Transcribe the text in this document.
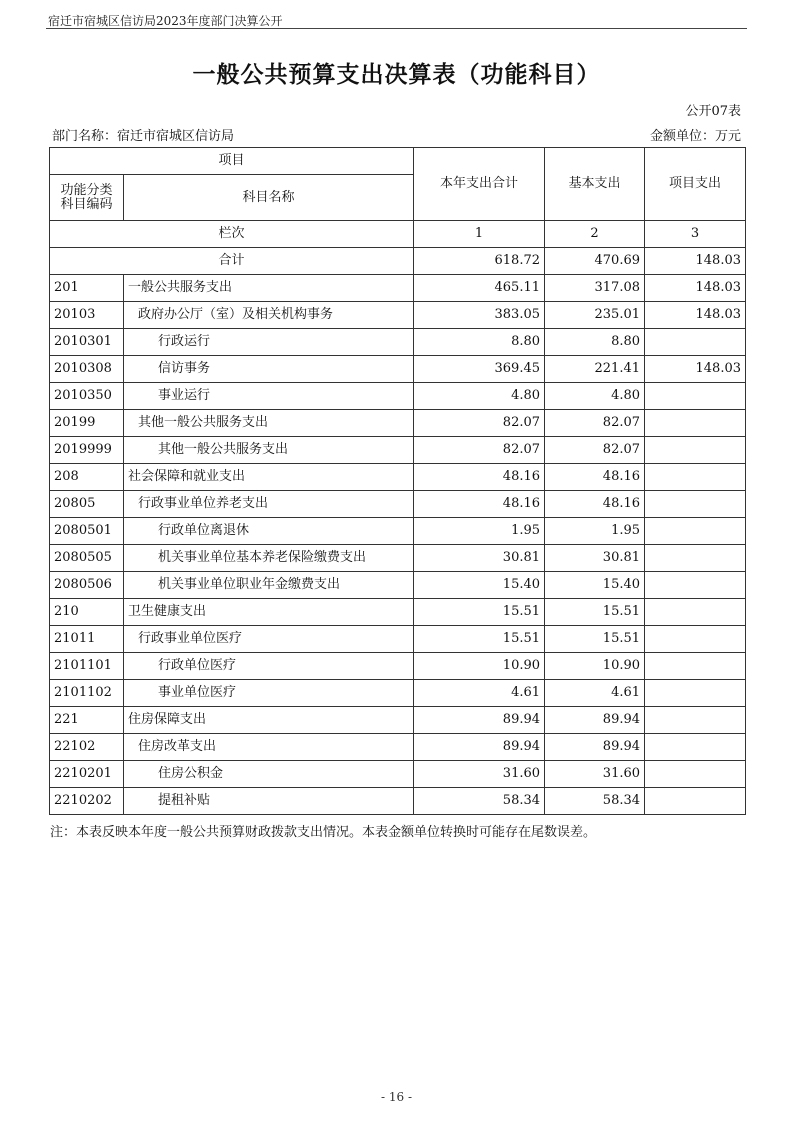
宿迁市宿城区信访局2023年度部门决算公开
一般公共预算支出决算表（功能科目）
公开07表
部门名称：宿迁市宿城区信访局	金额单位：万元
项目		本年支出合计	基本支出	项目支出
功能分类科目编码	科目名称			
栏次		1	2	3
合计		618.72	470.69	148.03
201	一般公共服务支出	465.11	317.08	148.03
20103	政府办公厅（室）及相关机构事务	383.05	235.01	148.03
2010301	行政运行	8.80	8.80	
2010308	信访事务	369.45	221.41	148.03
2010350	事业运行	4.80	4.80	
20199	其他一般公共服务支出	82.07	82.07	
2019999	其他一般公共服务支出	82.07	82.07	
208	社会保障和就业支出	48.16	48.16	
20805	行政事业单位养老支出	48.16	48.16	
2080501	行政单位离退休	1.95	1.95	
2080505	机关事业单位基本养老保险缴费支出	30.81	30.81	
2080506	机关事业单位职业年金缴费支出	15.40	15.40	
210	卫生健康支出	15.51	15.51	
21011	行政事业单位医疗	15.51	15.51	
2101101	行政单位医疗	10.90	10.90	
2101102	事业单位医疗	4.61	4.61	
221	住房保障支出	89.94	89.94	
22102	住房改革支出	89.94	89.94	
2210201	住房公积金	31.60	31.60	
2210202	提租补贴	58.34	58.34	
注：本表反映本年度一般公共预算财政拨款支出情况。本表金额单位转换时可能存在尾数误差。
- 16 -
